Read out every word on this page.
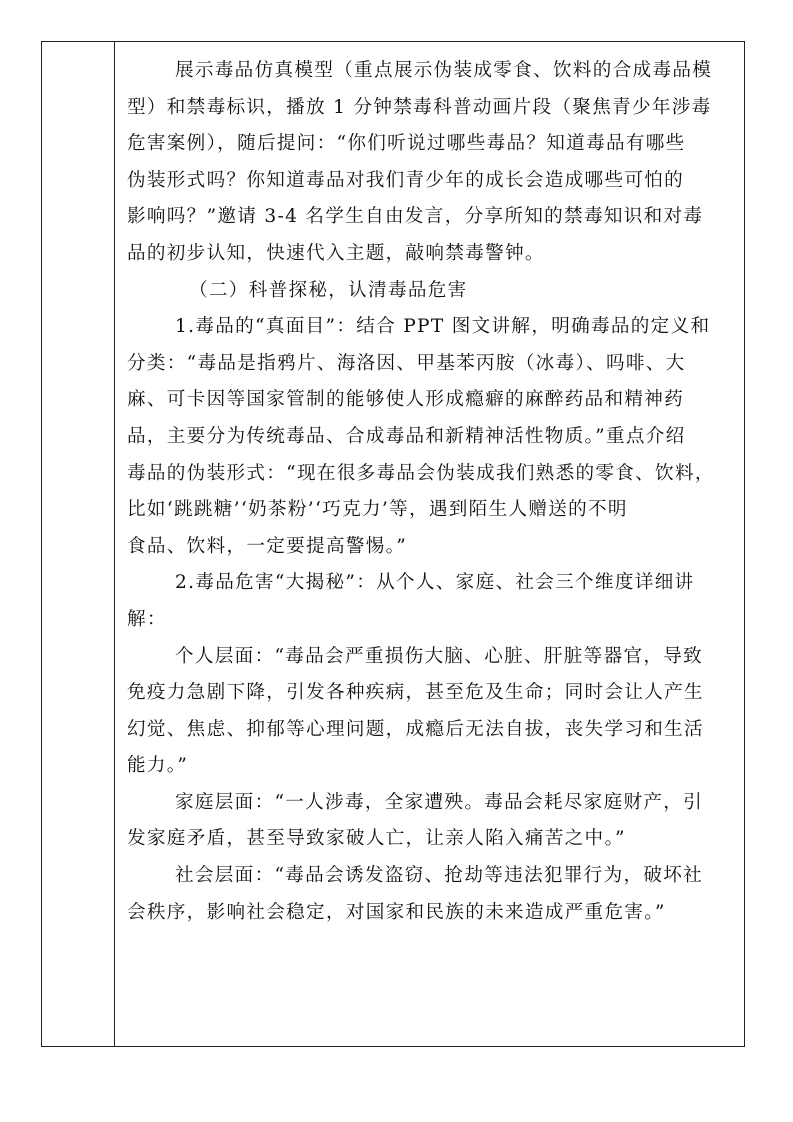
展示毒品仿真模型（重点展示伪装成零食、饮料的合成毒品模

型）和禁毒标识，播放 1 分钟禁毒科普动画片段（聚焦青少年涉毒

危害案例），随后提问：“你们听说过哪些毒品？知道毒品有哪些

伪装形式吗？你知道毒品对我们青少年的成长会造成哪些可怕的

影响吗？”邀请 3-4 名学生自由发言，分享所知的禁毒知识和对毒

品的初步认知，快速代入主题，敲响禁毒警钟。

（二）科普探秘，认清毒品危害

1.毒品的“真面目”：结合 PPT 图文讲解，明确毒品的定义和

分类：“毒品是指鸦片、海洛因、甲基苯丙胺（冰毒）、吗啡、大

麻、可卡因等国家管制的能够使人形成瘾癖的麻醉药品和精神药

品，主要分为传统毒品、合成毒品和新精神活性物质。”重点介绍

毒品的伪装形式：“现在很多毒品会伪装成我们熟悉的零食、饮料，

比如‘跳跳糖’‘奶茶粉’‘巧克力’等，遇到陌生人赠送的不明

食品、饮料，一定要提高警惕。”

2.毒品危害“大揭秘”：从个人、家庭、社会三个维度详细讲

解：

个人层面：“毒品会严重损伤大脑、心脏、肝脏等器官，导致

免疫力急剧下降，引发各种疾病，甚至危及生命；同时会让人产生

幻觉、焦虑、抑郁等心理问题，成瘾后无法自拔，丧失学习和生活

能力。”

家庭层面：“一人涉毒，全家遭殃。毒品会耗尽家庭财产，引

发家庭矛盾，甚至导致家破人亡，让亲人陷入痛苦之中。”

社会层面：“毒品会诱发盗窃、抢劫等违法犯罪行为，破坏社

会秩序，影响社会稳定，对国家和民族的未来造成严重危害。”
